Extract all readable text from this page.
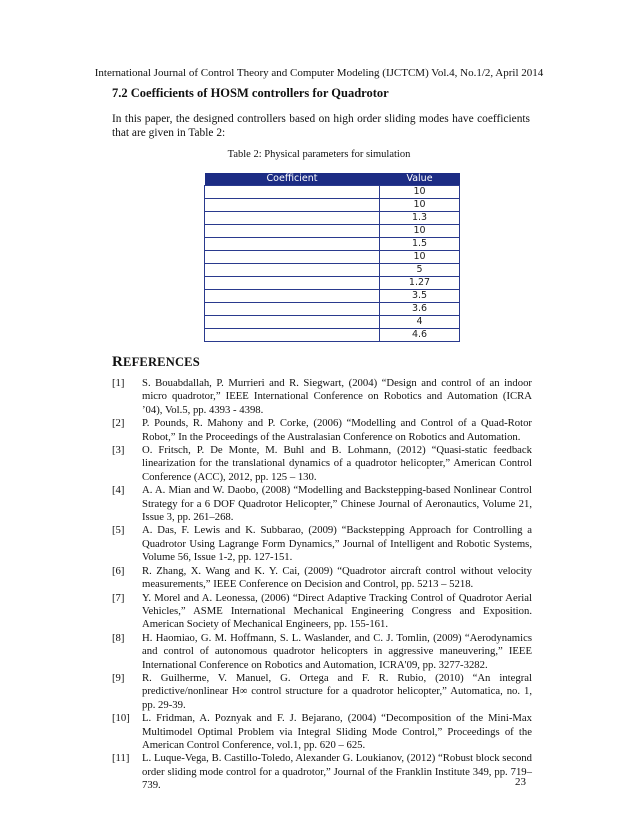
International Journal of Control Theory and Computer Modeling (IJCTCM) Vol.4, No.1/2, April 2014
7.2 Coefficients of HOSM controllers for Quadrotor
In this paper, the designed controllers based on high order sliding modes have coefficients that are given in Table 2:
Table 2: Physical parameters for simulation
Coefficient	Value
	10
	10
	1.3
	10
	1.5
	10
	5
	1.27
	3.5
	3.6
	4
	4.6
REFERENCES
[1]	S. Bouabdallah, P. Murrieri and R. Siegwart, (2004) “Design and control of an indoor micro quadrotor,” IEEE International Conference on Robotics and Automation (ICRA ’04), Vol.5, pp. 4393 - 4398.
[2]	P. Pounds, R. Mahony and P. Corke, (2006) “Modelling and Control of a Quad-Rotor Robot,” In the Proceedings of the Australasian Conference on Robotics and Automation.
[3]	O. Fritsch, P. De Monte, M. Buhl and B. Lohmann, (2012) “Quasi-static feedback linearization for the translational dynamics of a quadrotor helicopter,” American Control Conference (ACC), 2012, pp. 125 – 130.
[4]	A. A. Mian and W. Daobo, (2008) “Modelling and Backstepping-based Nonlinear Control Strategy for a 6 DOF Quadrotor Helicopter,” Chinese Journal of Aeronautics, Volume 21, Issue 3, pp. 261–268.
[5]	A. Das, F. Lewis and K. Subbarao, (2009) “Backstepping Approach for Controlling a Quadrotor Using Lagrange Form Dynamics,” Journal of Intelligent and Robotic Systems, Volume 56, Issue 1-2, pp. 127-151.
[6]	R. Zhang, X. Wang and K. Y. Cai, (2009) “Quadrotor aircraft control without velocity measurements,” IEEE Conference on Decision and Control, pp. 5213 – 5218.
[7]	Y. Morel and A. Leonessa, (2006) “Direct Adaptive Tracking Control of Quadrotor Aerial Vehicles,” ASME International Mechanical Engineering Congress and Exposition. American Society of Mechanical Engineers, pp. 155-161.
[8]	H. Haomiao, G. M. Hoffmann, S. L. Waslander, and C. J. Tomlin, (2009) “Aerodynamics and control of autonomous quadrotor helicopters in aggressive maneuvering,” IEEE International Conference on Robotics and Automation, ICRA'09, pp. 3277-3282.
[9]	R. Guilherme, V. Manuel, G. Ortega and F. R. Rubio, (2010) “An integral predictive/nonlinear H∞ control structure for a quadrotor helicopter,” Automatica, no. 1, pp. 29-39.
[10]	L. Fridman, A. Poznyak and F. J. Bejarano, (2004) “Decomposition of the Mini-Max Multimodel Optimal Problem via Integral Sliding Mode Control,” Proceedings of the American Control Conference, vol.1, pp. 620 – 625.
[11]	L. Luque-Vega, B. Castillo-Toledo, Alexander G. Loukianov, (2012) “Robust block second order sliding mode control for a quadrotor,” Journal of the Franklin Institute 349, pp. 719–739.	23
